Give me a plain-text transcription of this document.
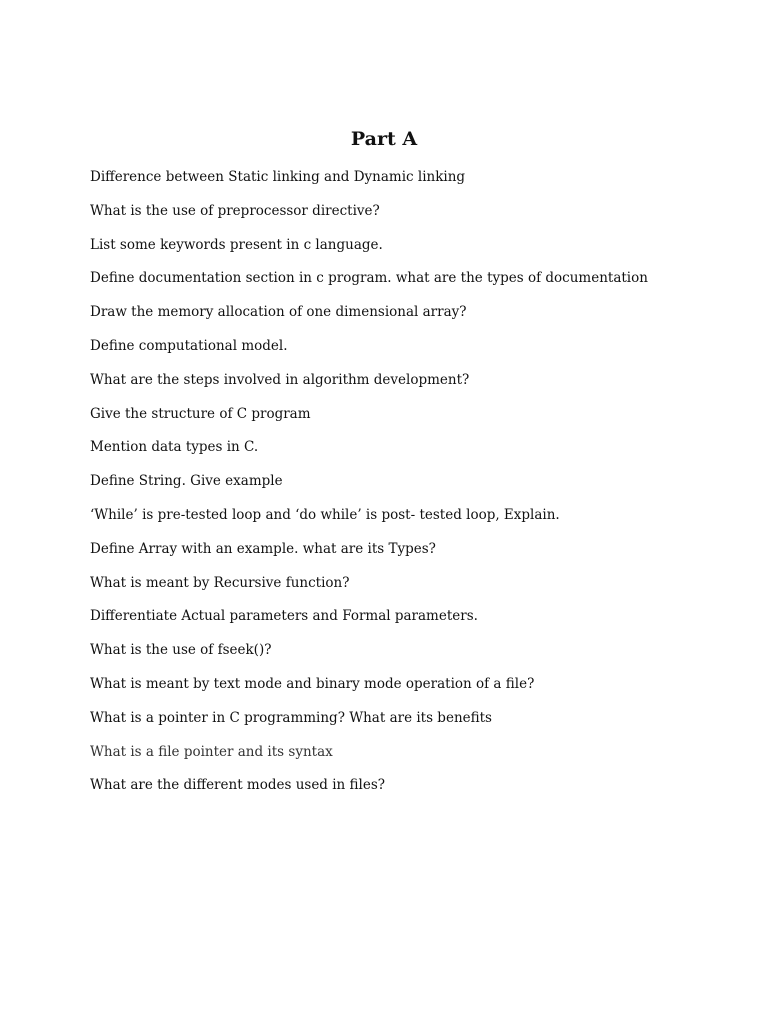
Part A
Difference between Static linking and Dynamic linking
What is the use of preprocessor directive?
List some keywords present in c language.
Define documentation section in c program. what are the types of documentation
Draw the memory allocation of one dimensional array?
Define computational model.
What are the steps involved in algorithm development?
Give the structure of C program
Mention data types in C.
Define String. Give example
‘While’ is pre-tested loop and ‘do while’ is post- tested loop, Explain.
Define Array with an example. what are its Types?
What is meant by Recursive function?
Differentiate Actual parameters and Formal parameters.
What is the use of fseek()?
What is meant by text mode and binary mode operation of a file?
What is a pointer in C programming? What are its benefits
What is a file pointer and its syntax
What are the different modes used in files?
